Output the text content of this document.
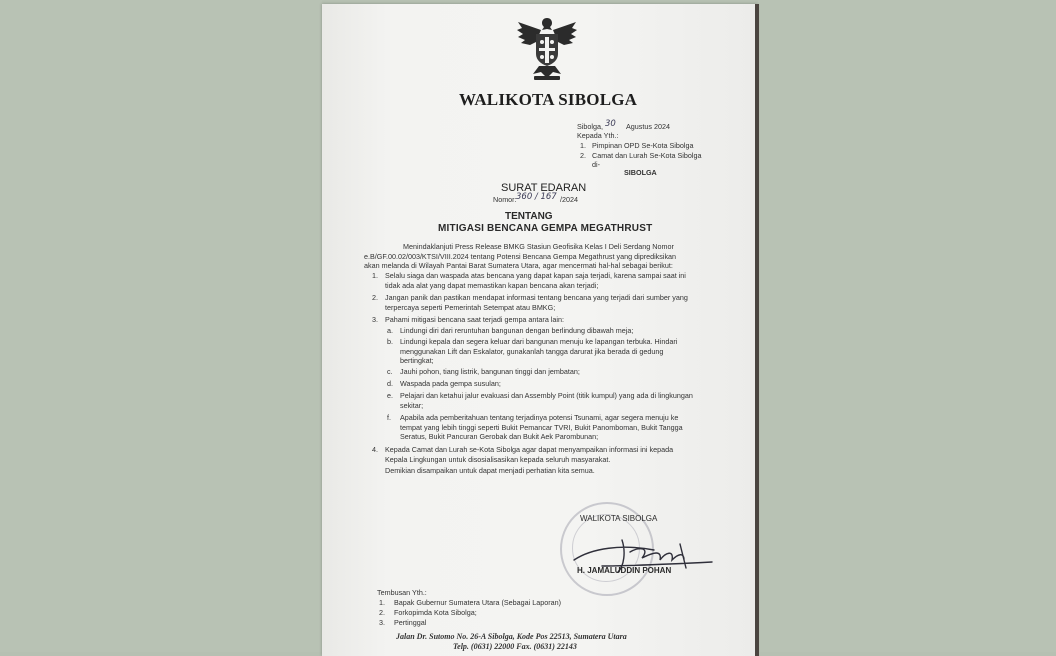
WALIKOTA SIBOLGA
Sibolga, 30 Agustus 2024
Kepada Yth.:
1. Pimpinan OPD Se-Kota Sibolga
2. Camat dan Lurah Se-Kota Sibolga
di-
SIBOLGA
SURAT EDARAN
Nomor: 360 / 167 /2024
TENTANG
MITIGASI BENCANA GEMPA MEGATHRUST
Menindaklanjuti Press Release BMKG Stasiun Geofisika Kelas I Deli Serdang Nomor
e.B/GF.00.02/003/KTSI/VIII.2024 tentang Potensi Bencana Gempa Megathrust yang diprediksikan
akan melanda di Wilayah Pantai Barat Sumatera Utara, agar mencermati hal-hal sebagai berikut:
1. Selalu siaga dan waspada atas bencana yang dapat kapan saja terjadi, karena sampai saat ini
tidak ada alat yang dapat memastikan kapan bencana akan terjadi;
2. Jangan panik dan pastikan mendapat informasi tentang bencana yang terjadi dari sumber yang
terpercaya seperti Pemerintah Setempat atau BMKG;
3. Pahami mitigasi bencana saat terjadi gempa antara lain:
a. Lindungi diri dari reruntuhan bangunan dengan berlindung dibawah meja;
b. Lindungi kepala dan segera keluar dari bangunan menuju ke lapangan terbuka. Hindari
menggunakan Lift dan Eskalator, gunakanlah tangga darurat jika berada di gedung
bertingkat;
c. Jauhi pohon, tiang listrik, bangunan tinggi dan jembatan;
d. Waspada pada gempa susulan;
e. Pelajari dan ketahui jalur evakuasi dan Assembly Point (titik kumpul) yang ada di lingkungan
sekitar;
f. Apabila ada pemberitahuan tentang terjadinya potensi Tsunami, agar segera menuju ke
tempat yang lebih tinggi seperti Bukit Pemancar TVRI, Bukit Panomboman, Bukit Tangga
Seratus, Bukit Pancuran Gerobak dan Bukit Aek Parombunan;
4. Kepada Camat dan Lurah se-Kota Sibolga agar dapat menyampaikan informasi ini kepada
Kepala Lingkungan untuk disosialisasikan kepada seluruh masyarakat.
Demikian disampaikan untuk dapat menjadi perhatian kita semua.
WALIKOTA SIBOLGA
H. JAMALUDDIN POHAN
Tembusan Yth.:
1. Bapak Gubernur Sumatera Utara (Sebagai Laporan)
2. Forkopimda Kota Sibolga;
3. Pertinggal
Jalan Dr. Sutomo No. 26-A Sibolga, Kode Pos 22513, Sumatera Utara
Telp. (0631) 22000 Fax. (0631) 22143
